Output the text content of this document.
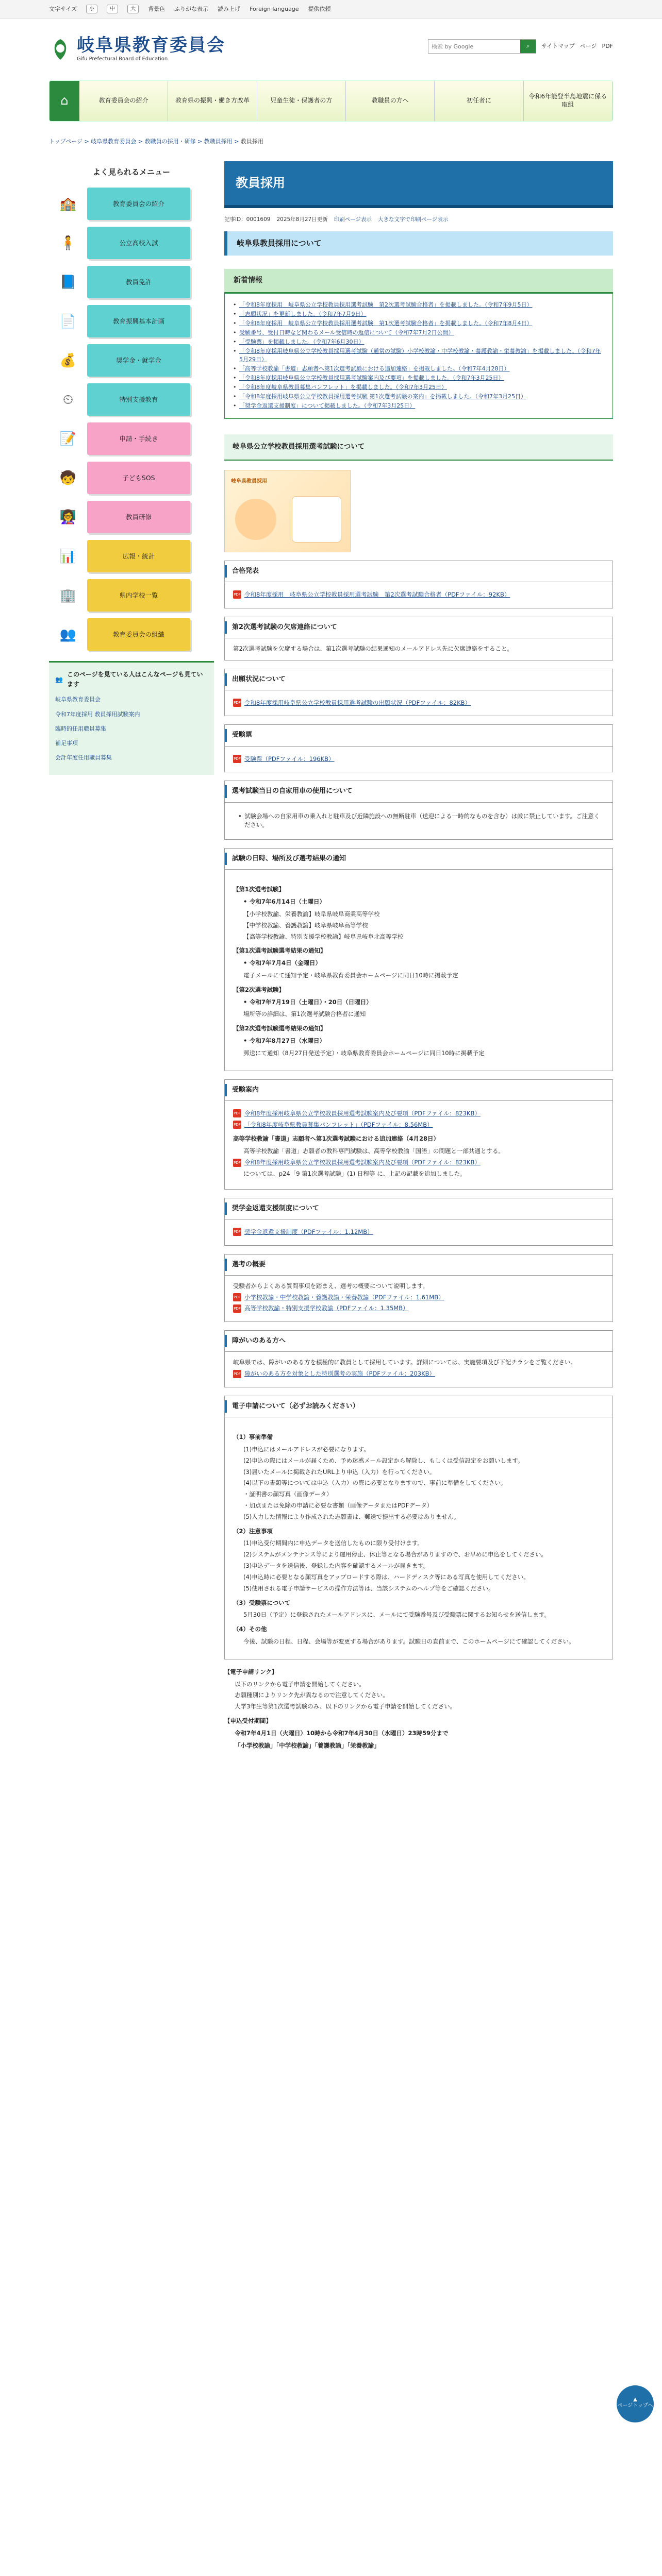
文字サイズ	小	中	大	背景色 ふりがな表示 読み上げ Foreign language 提供依頼
岐阜県教育委員会
Gifu Prefectural Board of Education
検索 by Google
⌕ サイトマップ ページ PDF
⌂	教育委員会の紹介	教育県の振興・働き方改革	児童生徒・保護者の方	教職員の方へ	初任者に
令和6年能登半島地震に係る取組
トップページ > 岐阜県教育委員会 > 教職員の採用・研修 > 教職員採用 > 教員採用
よく見られるメニュー
🏫	教育委員会の紹介
🧍	公立高校入試
📘	教員免許
📄	教育振興基本計画
💰	奨学金・就学金
⏲	特別支援教育
📝	申請・手続き
🧒	子どもSOS
👩‍🏫	教員研修
📊	広報・統計
🏢	県内学校一覧
👥	教育委員会の組織
👥
このページを見ている人はこんなページも見ています
岐阜県教育委員会
令和7年度採用 教員採用試験案内
臨時的任用職員募集
補足事項
会計年度任用職員募集
教員採用
記事ID：0001609 2025年8月27日更新 印刷ページ表示 大きな文字で印刷ページ表示
岐阜県教員採用について
新着情報
• 「令和8年度採用　岐阜県公立学校教員採用選考試験　第2次選考試験合格者」を掲載しました。（令和7年9月5日）
• 「志願状況」を更新しました。（令和7年7月9日）
• 「令和8年度採用　岐阜県公立学校教員採用選考試験　第1次選考試験合格者」を掲載しました。（令和7年8月4日）
• 受験番号、受付日時など関わるメール受信時の返信について（令和7年7月2日公開）
• 「受験票」を掲載しました。（令和7年6月30日）
• 「令和8年度採用岐阜県公立学校教員採用選考試験（通常の試験）小学校教諭・中学校教諭・養護教諭・栄養教諭」を掲載しました。（令和7年5月29日）
• 「高等学校教諭「書道」志願者へ第1次選考試験における追加連絡」を掲載しました。（令和7年4月28日）
• 「令和8年度採用岐阜県公立学校教員採用選考試験案内及び要項」を掲載しました。（令和7年3月25日）
• 「令和8年度岐阜県教員募集パンフレット」を掲載しました。（令和7年3月25日）
• 「令和8年度採用岐阜県公立学校教員採用選考試験 第1次選考試験の案内」を掲載しました。（令和7年3月25日）
• 「奨学金返還支援制度」について掲載しました。（令和7年3月25日）
岐阜県公立学校教員採用選考試験について
岐阜県教員採用
合格発表
PDF 令和8年度採用　岐阜県公立学校教員採用選考試験　第2次選考試験合格者（PDFファイル：92KB）
第2次選考試験の欠席連絡について
第2次選考試験を欠席する場合は、第1次選考試験の結果通知のメールアドレス先に欠席連絡をすること。
出願状況について
PDF 令和8年度採用岐阜県公立学校教員採用選考試験の出願状況（PDFファイル：82KB）
受験票
PDF 受験票（PDFファイル：196KB）
選考試験当日の自家用車の使用について
• 試験会場への自家用車の乗入れと駐車及び近隣施設への無断駐車（送迎による一時的なものを含む）は厳に禁止しています。ご注意ください。
試験の日時、場所及び選考結果の通知
【第1次選考試験】
• 令和7年6月14日（土曜日）

【小学校教諭、栄養教諭】岐阜県岐阜商業高等学校

【中学校教諭、養護教諭】岐阜県岐阜高等学校

【高等学校教諭、特別支援学校教諭】岐阜県岐阜北高等学校

【第1次選考試験選考結果の通知】
• 令和7年7月4日（金曜日）

電子メールにて通知予定・岐阜県教育委員会ホームページに同日10時に掲載予定

【第2次選考試験】
• 令和7年7月19日（土曜日）・20日（日曜日）

場所等の詳細は、第1次選考試験合格者に通知

【第2次選考試験選考結果の通知】
• 令和7年8月27日（水曜日）

郵送にて通知（8月27日発送予定）・岐阜県教育委員会ホームページに同日10時に掲載予定

受験案内
PDF 令和8年度採用岐阜県公立学校教員採用選考試験案内及び要項（PDFファイル：823KB）
PDF 「令和8年度岐阜県教員募集パンフレット」（PDFファイル：8.56MB）
高等学校教諭「書道」志願者へ第1次選考試験における追加連絡（4月28日）

高等学校教諭「書道」志願者の教科専門試験は、高等学校教諭「国語」の問題と一部共通とする。

PDF 令和8年度採用岐阜県公立学校教員採用選考試験案内及び要項（PDFファイル：823KB）

については、p24「9 第1次選考試験」(1) 日程等 に、上記の記載を追加しました。

奨学金返還支援制度について
PDF 奨学金返還支援制度（PDFファイル：1.12MB）
選考の概要
受験者からよくある質問事項を踏まえ、選考の概要について説明します。
PDF 小学校教諭・中学校教諭・養護教諭・栄養教諭（PDFファイル：1.61MB）
PDF 高等学校教諭・特別支援学校教諭（PDFファイル：1.35MB）
障がいのある方へ
岐阜県では、障がいのある方を積極的に教員として採用しています。詳細については、実施要項及び下記チラシをご覧ください。
PDF 障がいのある方を対象とした特別選考の実施（PDFファイル：203KB）
電子申請について（必ずお読みください）
（1）事前準備

(1)申込にはメールアドレスが必要になります。

(2)申込の際にはメールが届くため、予め迷惑メール設定から解除し、もしくは受信設定をお願いします。

(3)届いたメールに掲載されたURLより申込（入力）を行ってください。

(4)以下の書類等については申込（入力）の際に必要となりますので、事前に準備をしてください。

・証明書の顔写真（画像データ）

・加点または免除の申請に必要な書類（画像データまたはPDFデータ）

(5)入力した情報により作成された志願書は、郵送で提出する必要はありません。

（2）注意事項

(1)申込受付期間内に申込データを送信したものに限り受付けます。

(2)システムがメンテナンス等により運用停止、休止等となる場合がありますので、お早めに申込をしてください。

(3)申込データを送信後、登録した内容を確認するメールが届きます。

(4)申込時に必要となる顔写真をアップロードする際は、ハードディスク等にある写真を使用してください。

(5)使用される電子申請サービスの操作方法等は、当該システムのヘルプ等をご確認ください。

（3）受験票について

5月30日（予定）に登録されたメールアドレスに、メールにて受験番号及び受験票に関するお知らせを送信します。

（4）その他

今後、試験の日程、日程、会場等が変更する場合があります。試験日の直前まで、このホームページにて確認してください。

【電子申請リンク】

以下のリンクから電子申請を開始してください。

志願種別によりリンク先が異なるので注意してください。

大学3年生等第1次選考試験のみ、以下のリンクから電子申請を開始してください。

【申込受付期間】

令和7年4月1日（火曜日）10時から令和7年4月30日（水曜日）23時59分まで

「小学校教諭」「中学校教諭」「養護教諭」「栄養教諭」

▲
ページトップへ
